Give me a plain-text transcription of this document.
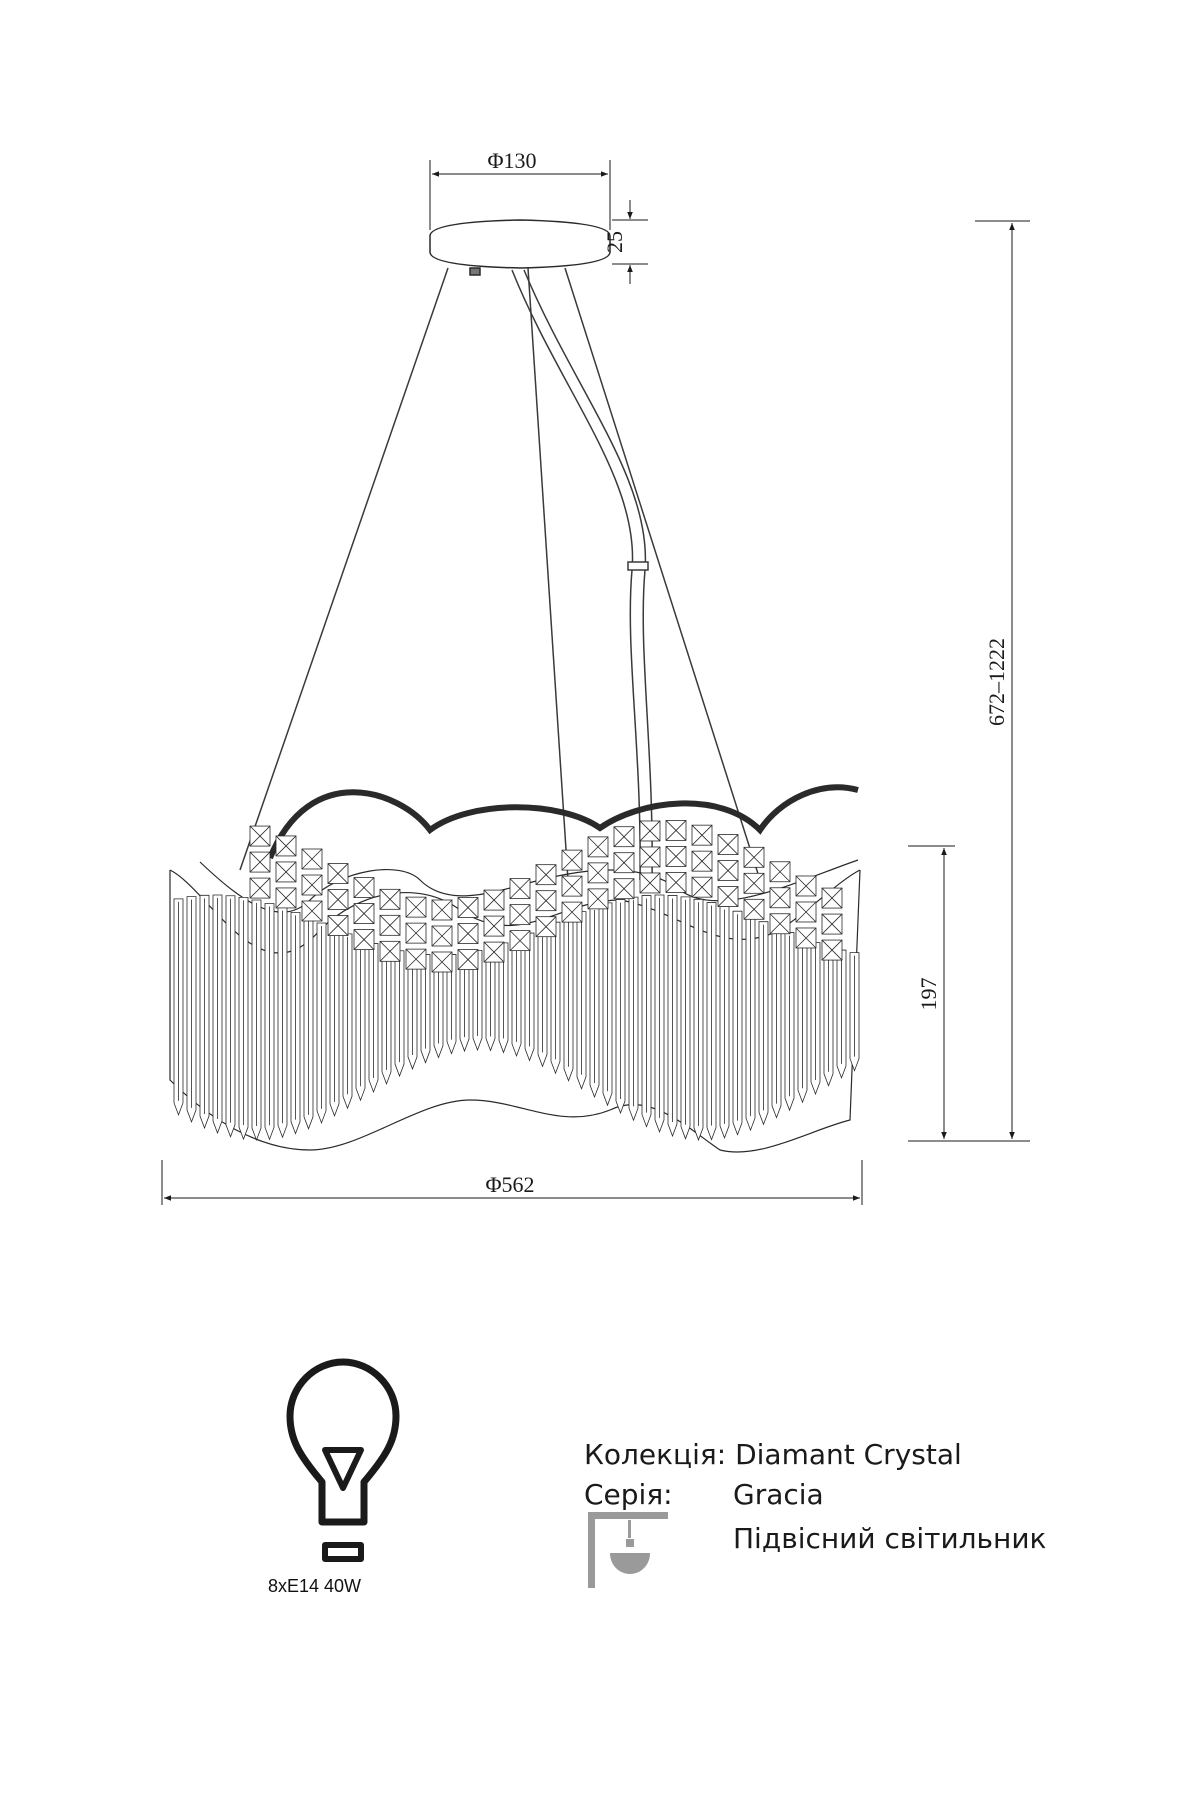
Φ130
25
672–1222
197
Φ562
8xE14 40W
Колекція: Diamant Crystal
Серія: Gracia
Підвісний світильник
